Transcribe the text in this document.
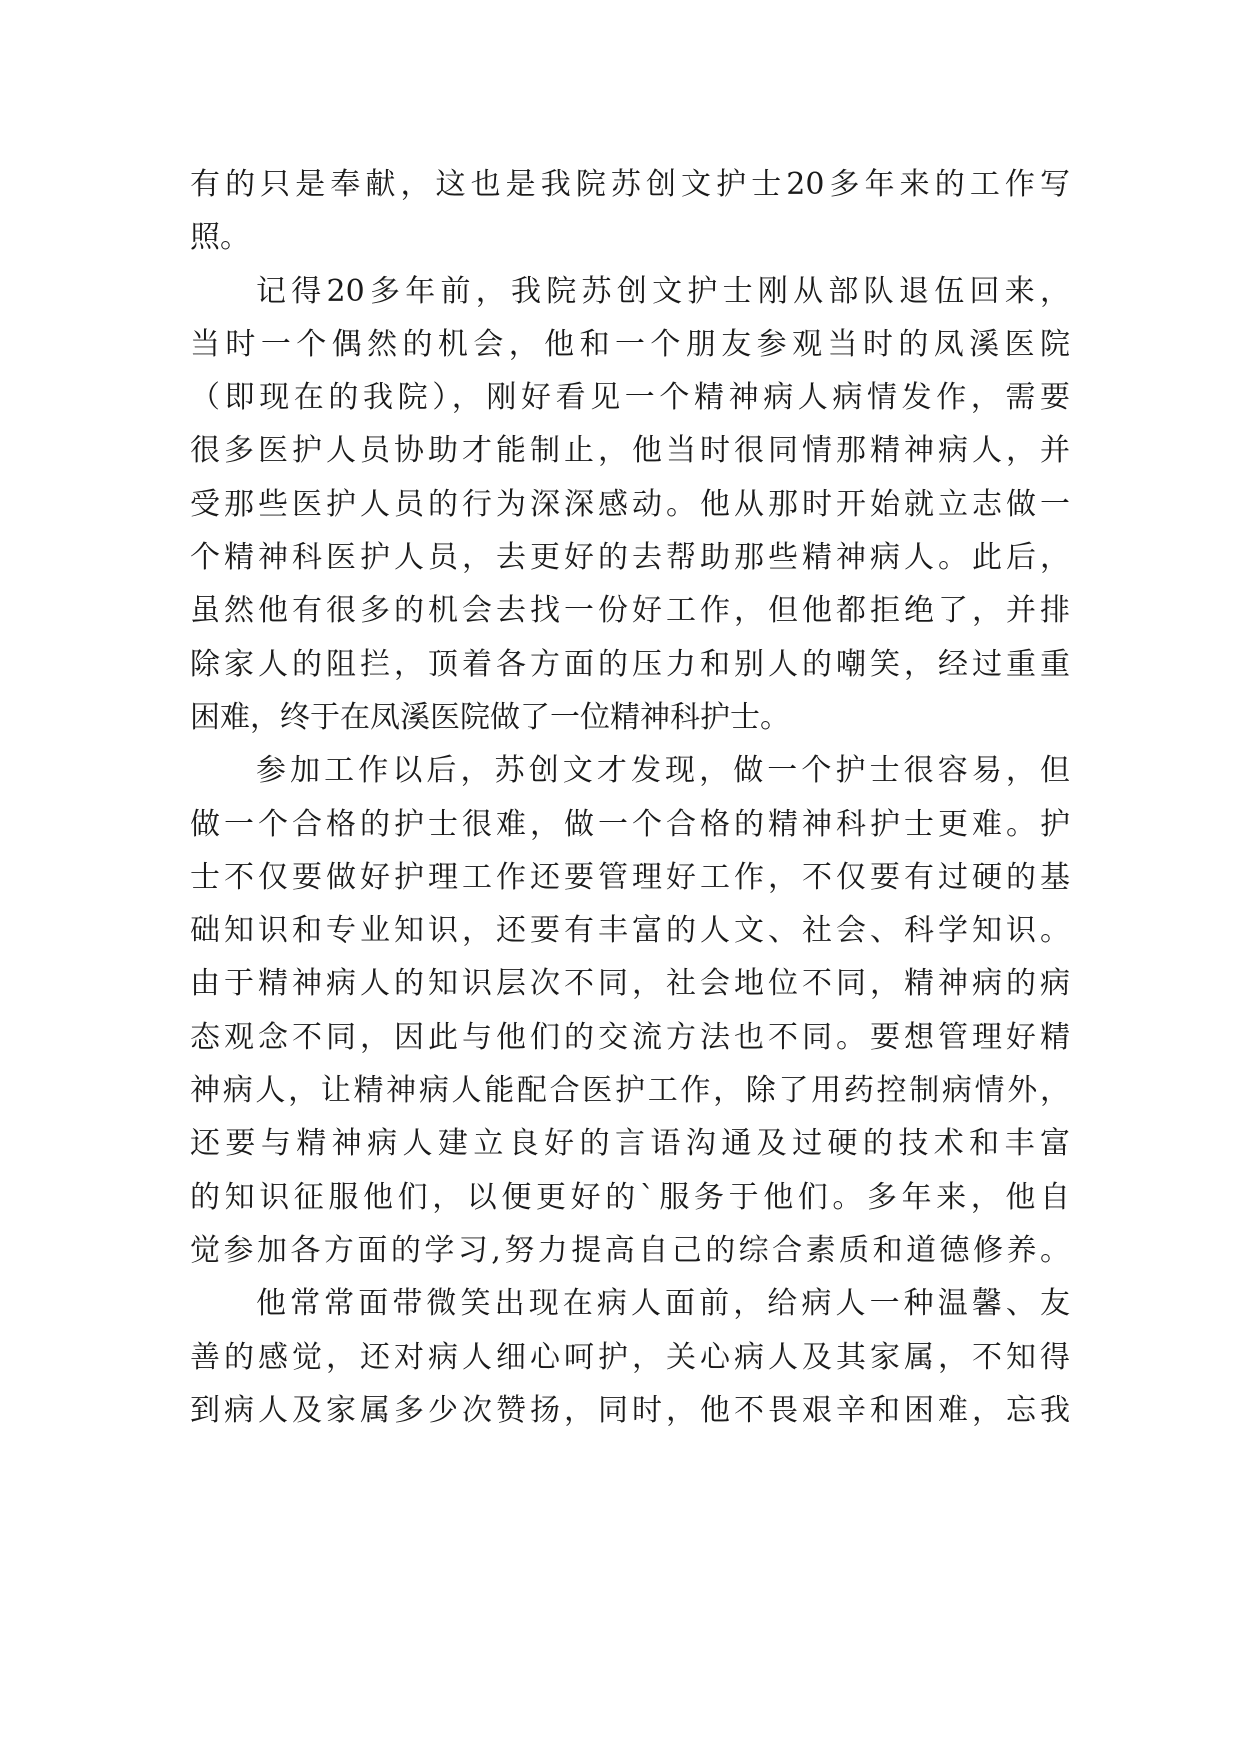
有的只是奉献，这也是我院苏创文护士20多年来的工作写
照。
记得20多年前，我院苏创文护士刚从部队退伍回来，
当时一个偶然的机会，他和一个朋友参观当时的凤溪医院
（即现在的我院），刚好看见一个精神病人病情发作，需要
很多医护人员协助才能制止，他当时很同情那精神病人，并
受那些医护人员的行为深深感动。他从那时开始就立志做一
个精神科医护人员，去更好的去帮助那些精神病人。此后，
虽然他有很多的机会去找一份好工作，但他都拒绝了，并排
除家人的阻拦，顶着各方面的压力和别人的嘲笑，经过重重
困难，终于在凤溪医院做了一位精神科护士。
参加工作以后，苏创文才发现，做一个护士很容易，但
做一个合格的护士很难，做一个合格的精神科护士更难。护
士不仅要做好护理工作还要管理好工作，不仅要有过硬的基
础知识和专业知识，还要有丰富的人文、社会、科学知识。
由于精神病人的知识层次不同，社会地位不同，精神病的病
态观念不同，因此与他们的交流方法也不同。要想管理好精
神病人，让精神病人能配合医护工作，除了用药控制病情外，
还要与精神病人建立良好的言语沟通及过硬的技术和丰富
的知识征服他们，以便更好的`服务于他们。多年来，他自
觉参加各方面的学习,努力提高自己的综合素质和道德修养。
他常常面带微笑出现在病人面前，给病人一种温馨、友
善的感觉，还对病人细心呵护，关心病人及其家属，不知得
到病人及家属多少次赞扬，同时，他不畏艰辛和困难，忘我
